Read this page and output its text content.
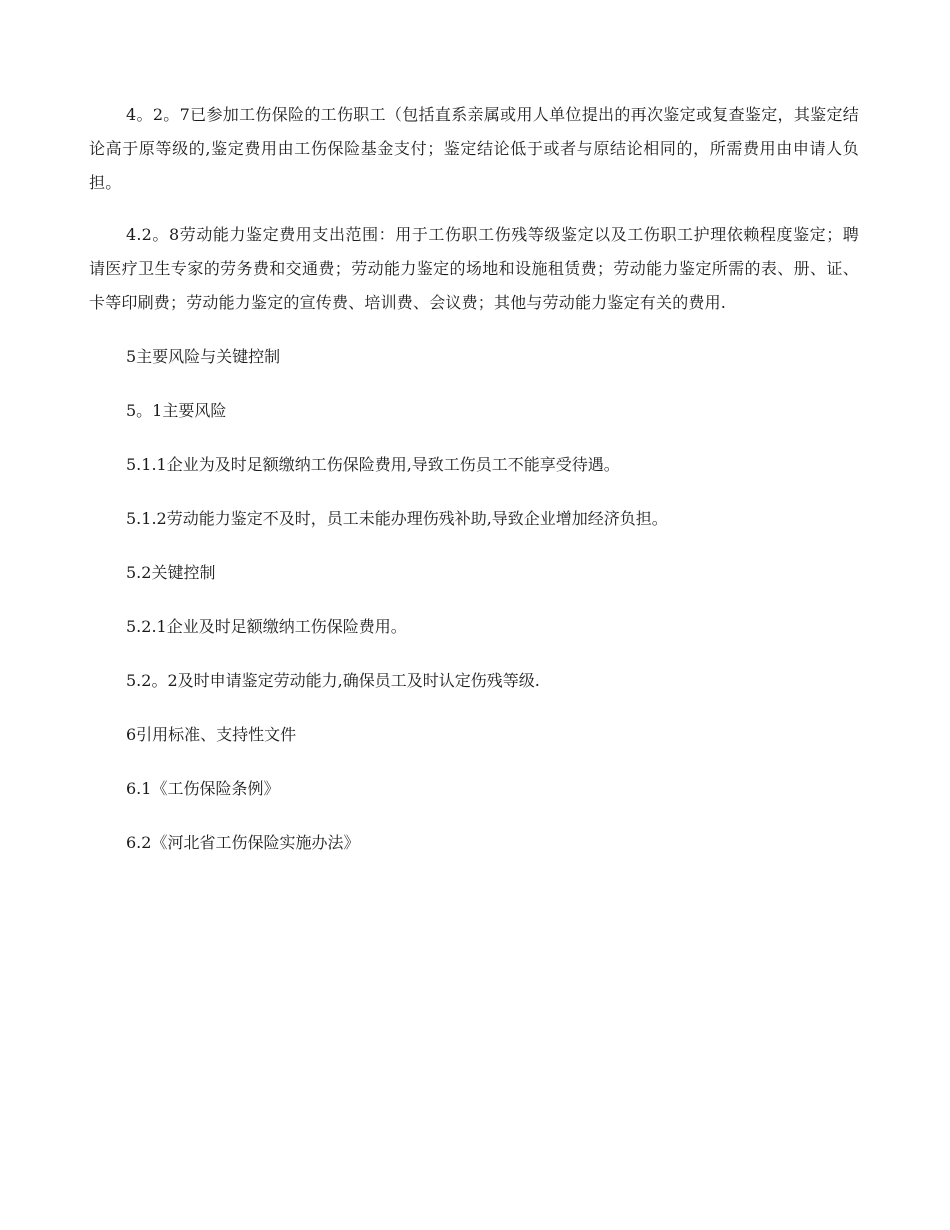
4。2。7已参加工伤保险的工伤职工（包括直系亲属或用人单位提出的再次鉴定或复查鉴定，其鉴定结论高于原等级的,鉴定费用由工伤保险基金支付；鉴定结论低于或者与原结论相同的，所需费用由申请人负担。

4.2。8劳动能力鉴定费用支出范围：用于工伤职工伤残等级鉴定以及工伤职工护理依赖程度鉴定；聘请医疗卫生专家的劳务费和交通费；劳动能力鉴定的场地和设施租赁费；劳动能力鉴定所需的表、册、证、卡等印刷费；劳动能力鉴定的宣传费、培训费、会议费；其他与劳动能力鉴定有关的费用.

5主要风险与关键控制

5。1主要风险

5.1.1企业为及时足额缴纳工伤保险费用,导致工伤员工不能享受待遇。

5.1.2劳动能力鉴定不及时，员工未能办理伤残补助,导致企业增加经济负担。

5.2关键控制

5.2.1企业及时足额缴纳工伤保险费用。

5.2。2及时申请鉴定劳动能力,确保员工及时认定伤残等级.

6引用标准、支持性文件

6.1《工伤保险条例》

6.2《河北省工伤保险实施办法》
